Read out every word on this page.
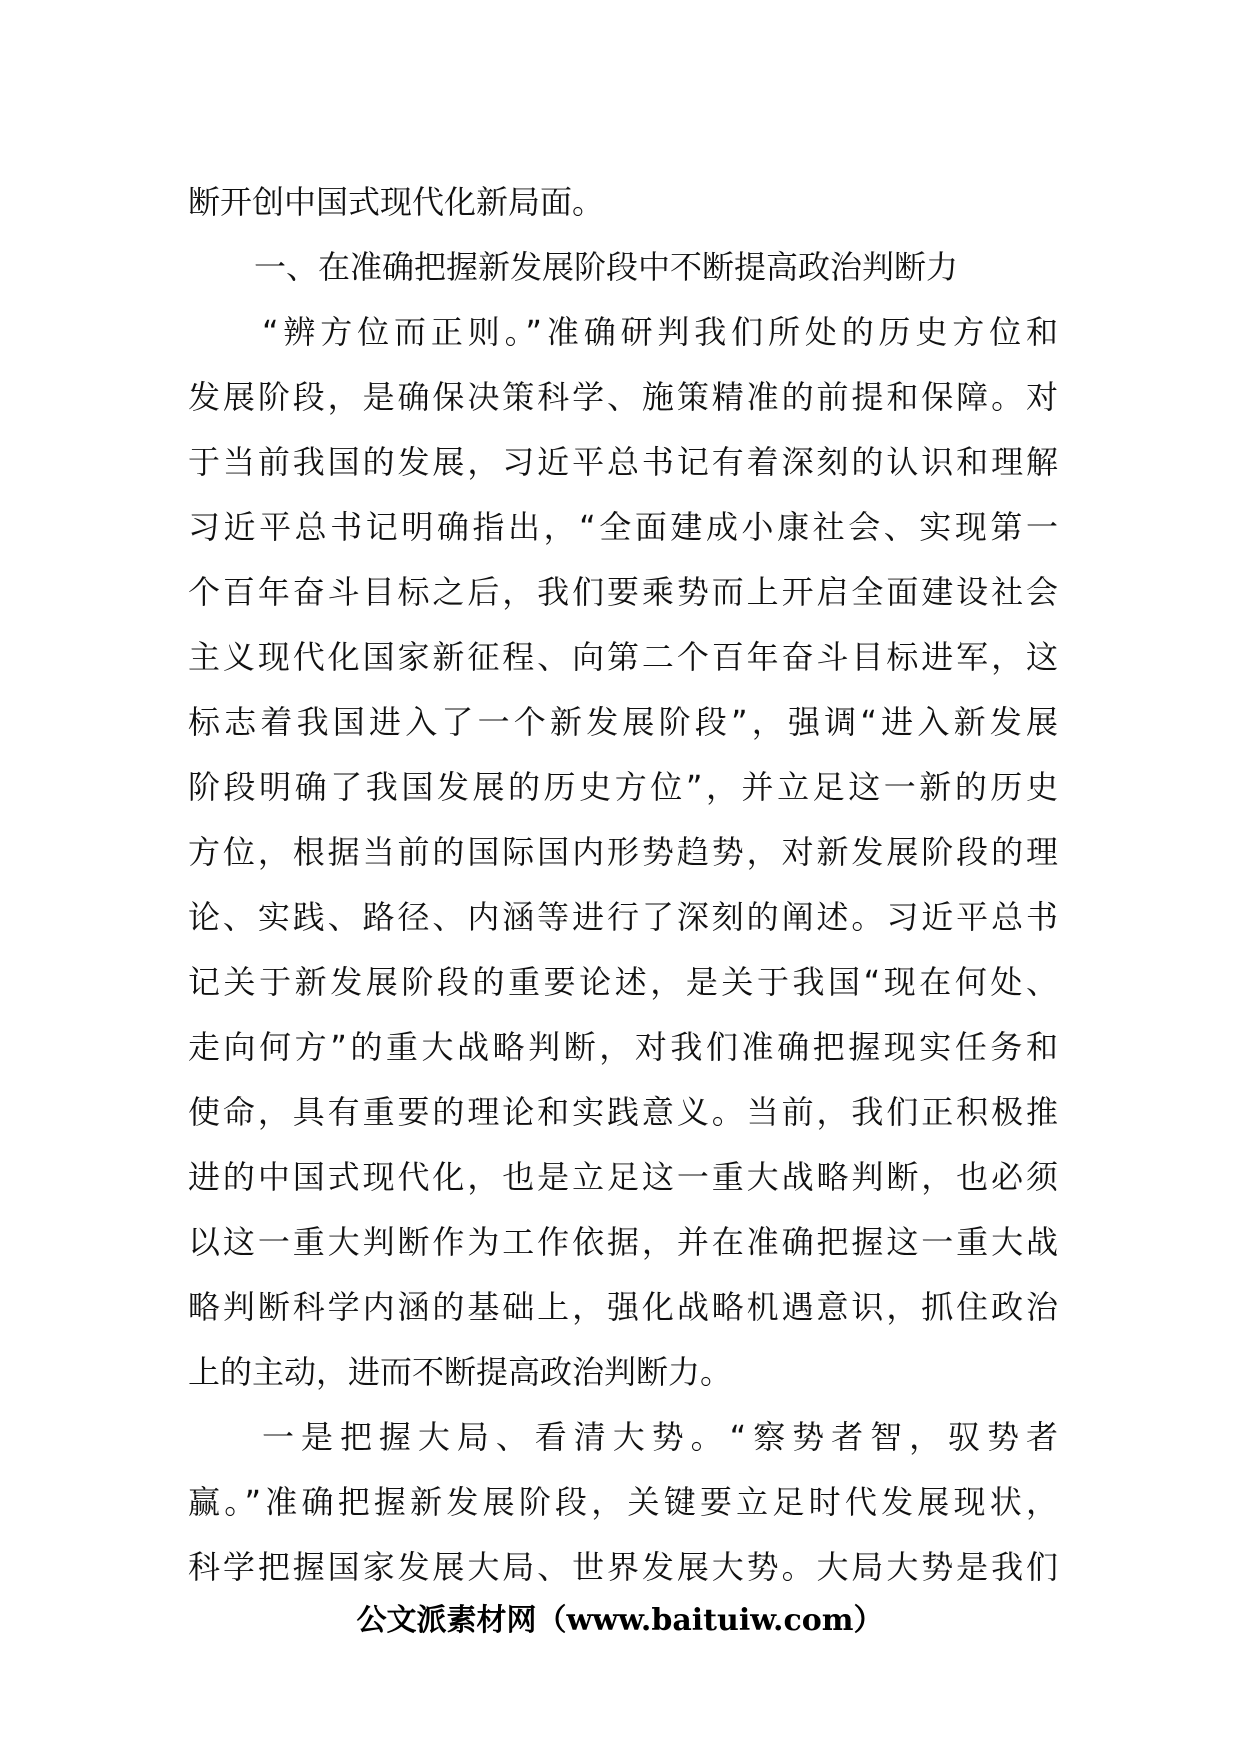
断开创中国式现代化新局面。
一、在准确把握新发展阶段中不断提高政治判断力
“辨方位而正则。”准确研判我们所处的历史方位和
发展阶段，是确保决策科学、施策精准的前提和保障。对
于当前我国的发展，习近平总书记有着深刻的认识和理解
习近平总书记明确指出，“全面建成小康社会、实现第一
个百年奋斗目标之后，我们要乘势而上开启全面建设社会
主义现代化国家新征程、向第二个百年奋斗目标进军，这
标志着我国进入了一个新发展阶段”，强调“进入新发展
阶段明确了我国发展的历史方位”，并立足这一新的历史
方位，根据当前的国际国内形势趋势，对新发展阶段的理
论、实践、路径、内涵等进行了深刻的阐述。习近平总书
记关于新发展阶段的重要论述，是关于我国“现在何处、
走向何方”的重大战略判断，对我们准确把握现实任务和
使命，具有重要的理论和实践意义。当前，我们正积极推
进的中国式现代化，也是立足这一重大战略判断，也必须
以这一重大判断作为工作依据，并在准确把握这一重大战
略判断科学内涵的基础上，强化战略机遇意识，抓住政治
上的主动，进而不断提高政治判断力。
一是把握大局、看清大势。“察势者智，驭势者
赢。”准确把握新发展阶段，关键要立足时代发展现状，
科学把握国家发展大局、世界发展大势。大局大势是我们
公文派素材网（www.baituiw.com）
